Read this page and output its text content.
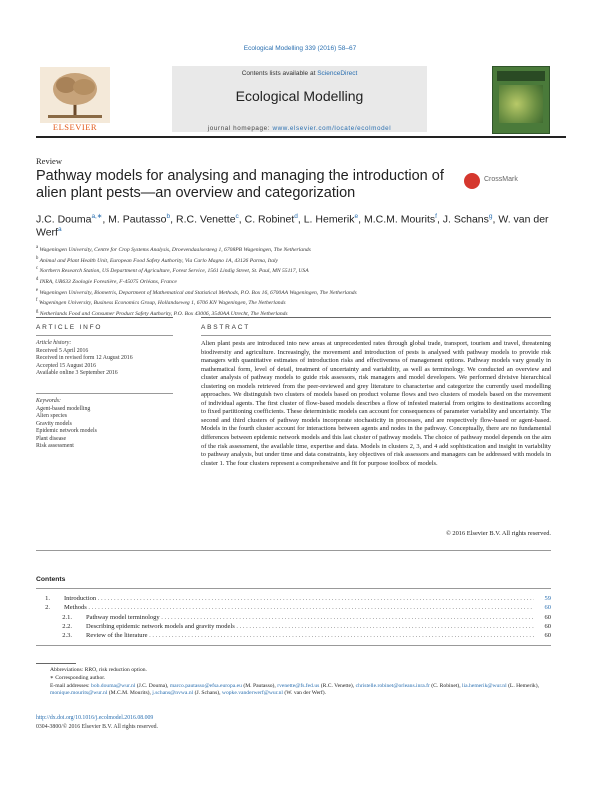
Ecological Modelling 339 (2016) 58–67
Contents lists available at ScienceDirect
Ecological Modelling
journal homepage: www.elsevier.com/locate/ecolmodel
ELSEVIER
Review
Pathway models for analysing and managing the introduction of alien plant pests—an overview and categorization
CrossMark
J.C. Douma$^{a,∗}$, M. Pautasso$^b$, R.C. Venette$^c$, C. Robinet$^d$, L. Hemerik$^e$, M.C.M. Mourits$^f$, J. Schans$^g$, W. van der Werf$^a$
$^a$ Wageningen University, Centre for Crop Systems Analysis, Droevendaalsesteeg 1, 6708PB Wageningen, The Netherlands
$^b$ Animal and Plant Health Unit, European Food Safety Authority, Via Carlo Magno 1A, 43126 Parma, Italy
$^c$ Northern Research Station, US Department of Agriculture, Forest Service, 1561 Lindig Street, St. Paul, MN 55117, USA
$^d$ INRA, UR633 Zoologie Forestière, F-45075 Orléans, France
$^e$ Wageningen University, Biometris, Department of Mathematical and Statistical Methods, P.O. Box 16, 6700AA Wageningen, The Netherlands
$^f$ Wageningen University, Business Economics Group, Hollandseweg 1, 6706 KN Wageningen, The Netherlands
$^g$ Netherlands Food and Consumer Product Safety Authority, P.O. Box 43006, 3540AA Utrecht, The Netherlands
ARTICLE INFO	ABSTRACT
Article history:
Received 5 April 2016
Received in revised form 12 August 2016
Accepted 15 August 2016
Available online 3 September 2016
Keywords:
Agent-based modelling
Alien species
Gravity models
Epidemic network models
Plant disease
Risk assessment
Alien plant pests are introduced into new areas at unprecedented rates through global trade, transport, tourism and travel, threatening biodiversity and agriculture. Increasingly, the movement and introduction of pests is analysed with pathway models to provide risk managers with quantitative estimates of introduction risks and effectiveness of management options. Pathway models vary greatly in mathematical form, level of detail, treatment of uncertainty and variability, as well as terminology. We conducted an overview and cluster analysis of pathway models to guide risk assessors, risk managers and model developers. We performed divisive hierarchical clustering on models retrieved from the peer-reviewed and grey literature to characterise and categorize the currently used modelling approaches. We distinguish two clusters of models based on product volume flows and two clusters of models based on the movement of individual agents. The first cluster of flow-based models describes a flow of infested material from origins to destinations according to fixed partitioning coefficients. These deterministic models can account for consequences of parameter variability and uncertainty. The second and third clusters of pathway models incorporate stochasticity in processes, and are respectively flow-based or agent-based. Models in the fourth cluster account for interactions between agents and nodes in the pathway. Conceptually, there are no fundamental differences between epidemic network models and this last cluster of pathway models. The choice of pathway model depends on the aim of the risk assessment, the available time, expertise and data. Models in clusters 2, 3, and 4 add sophistication and insight in variability to pathway analysis, but under time and data constraints, key objectives of risk assessors and managers can be addressed with models in cluster 1. The four clusters represent a comprehensive and fit for purpose toolbox of models.
© 2016 Elsevier B.V. All rights reserved.
Contents
1. Introduction . . .	59
2. Methods . . .	60
2.1. Pathway model terminology . . .	60
2.2. Describing epidemic network models and gravity models . . .	60
2.3. Review of the literature . . .	60
Abbreviations: RRO, risk reduction option.
∗ Corresponding author.
E-mail addresses: bob.douma@wur.nl (J.C. Douma), marco.pautasso@efsa.europa.eu (M. Pautasso), rvenette@fs.fed.us (R.C. Venette), christelle.robinet@orleans.inra.fr (C. Robinet), lia.hemerik@wur.nl (L. Hemerik), monique.mourits@wur.nl (M.C.M. Mourits), j.schans@nvwa.nl (J. Schans), wopke.vanderwerf@wur.nl (W. van der Werf).
http://dx.doi.org/10.1016/j.ecolmodel.2016.08.009
0304-3800/© 2016 Elsevier B.V. All rights reserved.
